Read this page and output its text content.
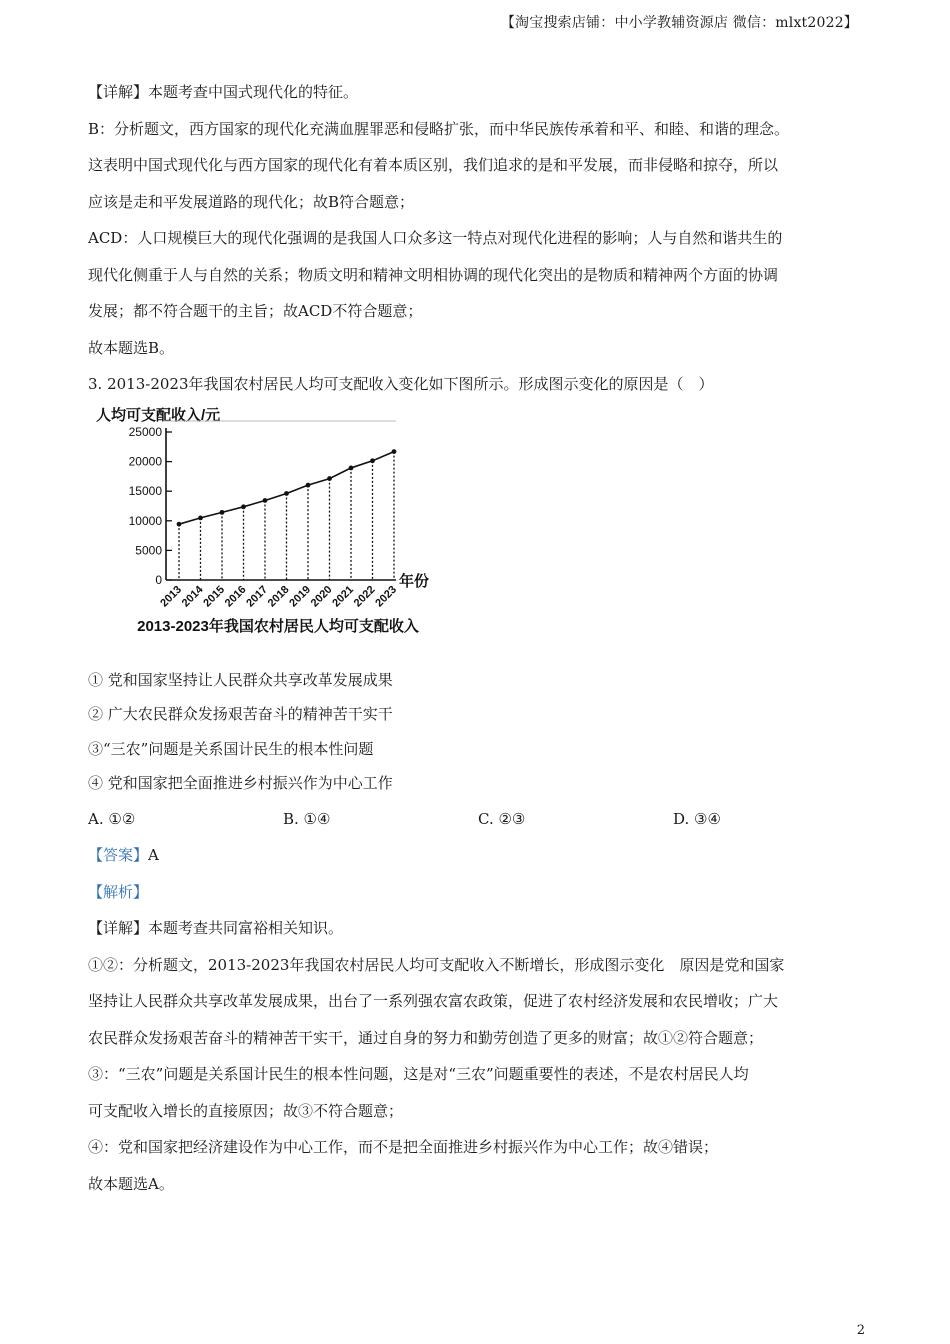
【淘宝搜索店铺：中小学教辅资源店 微信：mlxt2022】

【详解】本题考查中国式现代化的特征。

B：分析题文，西方国家的现代化充满血腥罪恶和侵略扩张，而中华民族传承着和平、和睦、和谐的理念。

这表明中国式现代化与西方国家的现代化有着本质区别，我们追求的是和平发展，而非侵略和掠夺，所以

应该是走和平发展道路的现代化；故B符合题意；

ACD：人口规模巨大的现代化强调的是我国人口众多这一特点对现代化进程的影响；人与自然和谐共生的

现代化侧重于人与自然的关系；物质文明和精神文明相协调的现代化突出的是物质和精神两个方面的协调

发展；都不符合题干的主旨；故ACD不符合题意；

故本题选B。

3. 2013-2023年我国农村居民人均可支配收入变化如下图所示。形成图示变化的原因是（　）

人均可支配收入/元
25000
20000
15000
10000
5000
0
2013
2014
2015
2016
2017
2018
2019
2020
2021
2022
2023
年份
2013-2023年我国农村居民人均可支配收入

① 党和国家坚持让人民群众共享改革发展成果

② 广大农民群众发扬艰苦奋斗的精神苦干实干

③“三农”问题是关系国计民生的根本性问题

④ 党和国家把全面推进乡村振兴作为中心工作

A. ①②	B. ①④	C. ②③	D. ③④

【答案】A

【解析】

【详解】本题考查共同富裕相关知识。

①②：分析题文，2013-2023年我国农村居民人均可支配收入不断增长，形成图示变化　原因是党和国家

坚持让人民群众共享改革发展成果，出台了一系列强农富农政策，促进了农村经济发展和农民增收；广大

农民群众发扬艰苦奋斗的精神苦干实干，通过自身的努力和勤劳创造了更多的财富；故①②符合题意；

③：“三农”问题是关系国计民生的根本性问题，这是对“三农”问题重要性的表述，不是农村居民人均

可支配收入增长的直接原因；故③不符合题意；

④：党和国家把经济建设作为中心工作，而不是把全面推进乡村振兴作为中心工作；故④错误；

故本题选A。

2
